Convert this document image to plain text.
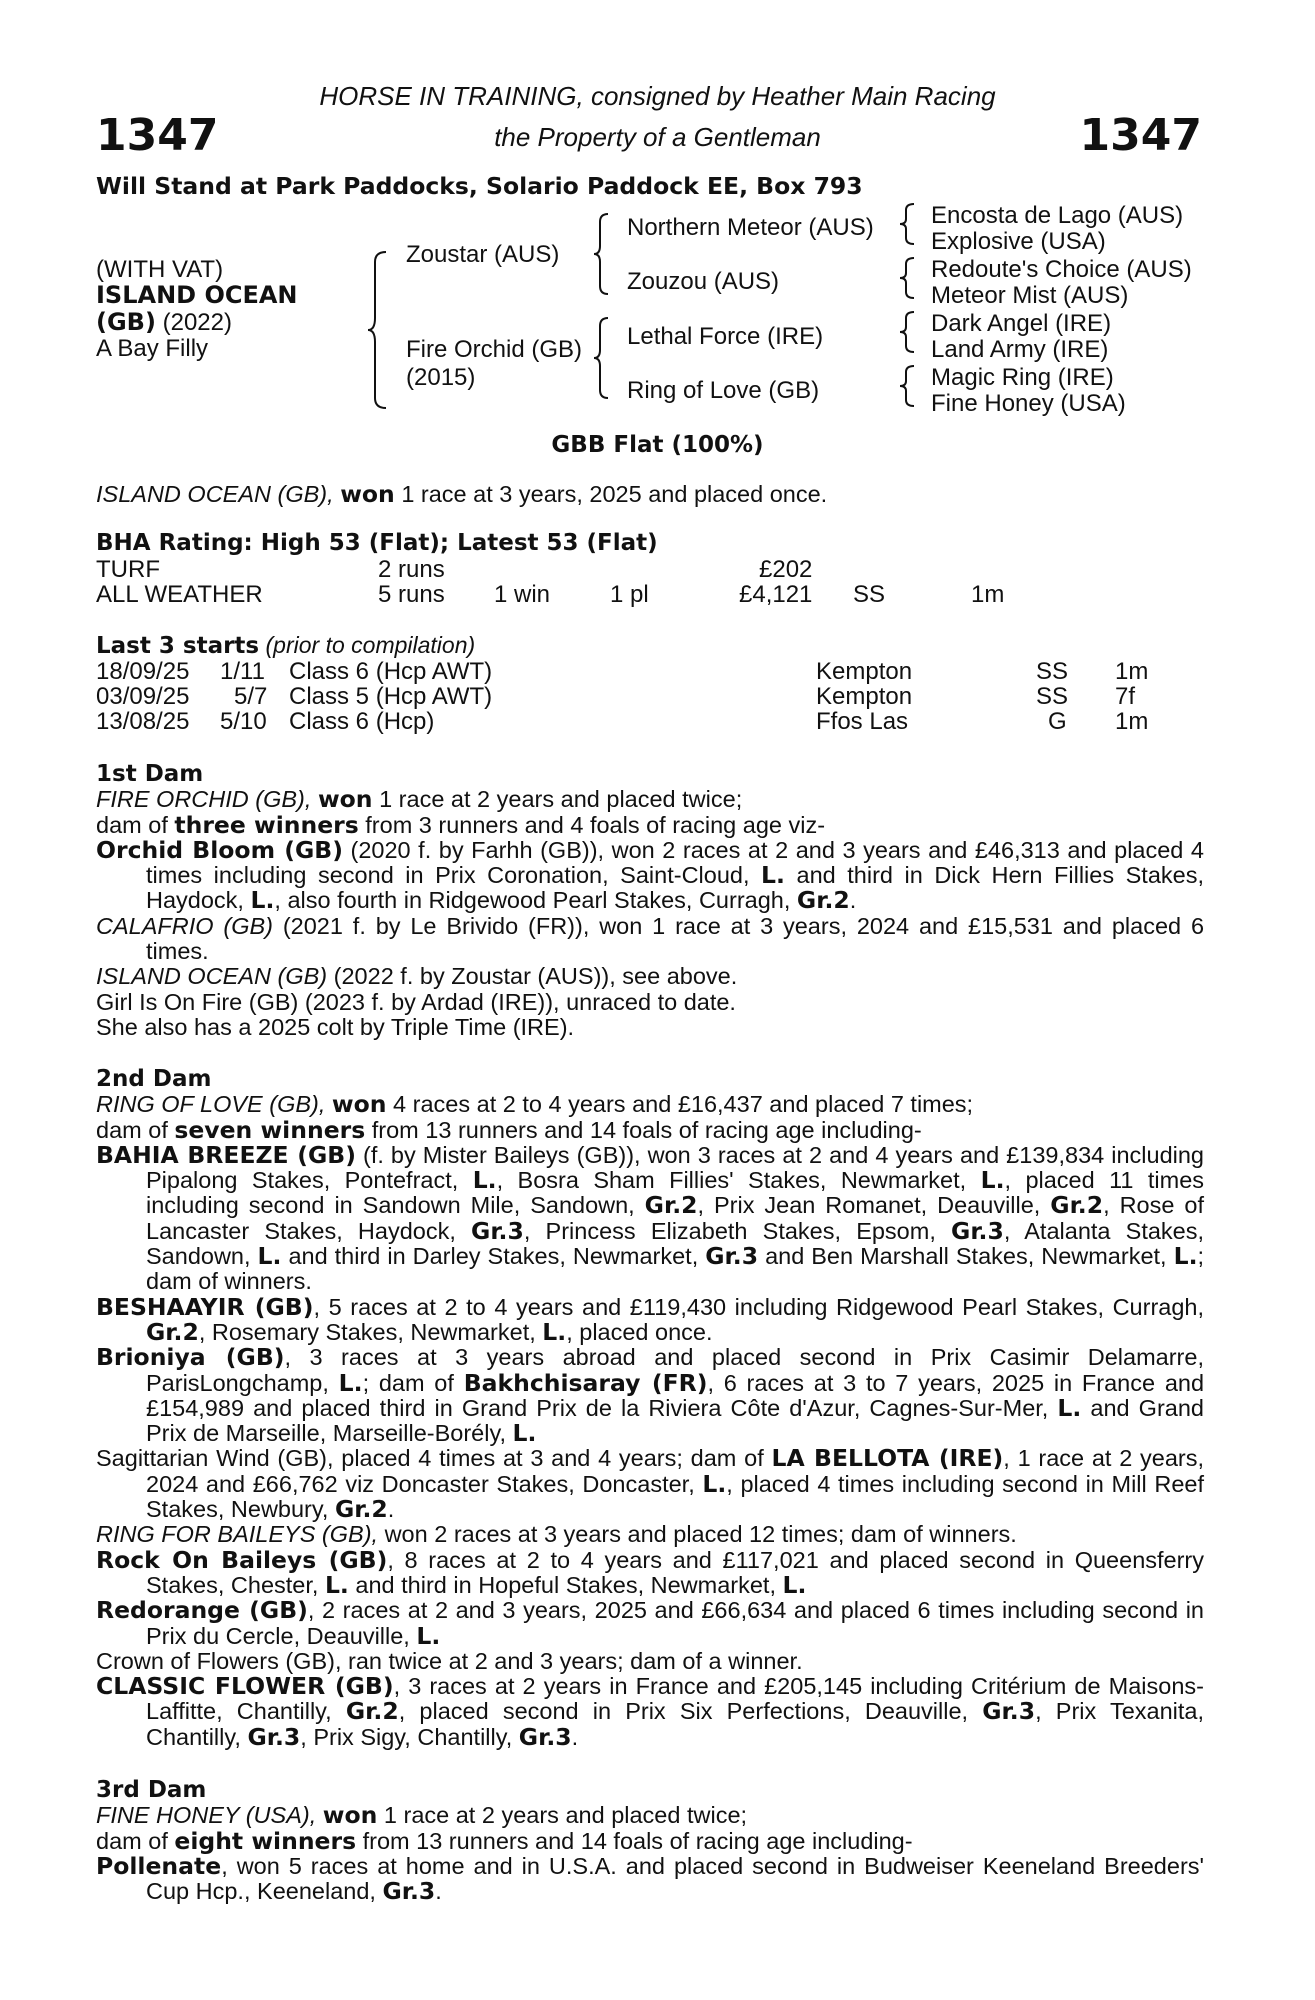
1347	1347
HORSE IN TRAINING, consigned by Heather Main Racing
the Property of a Gentleman
Will Stand at Park Paddocks, Solario Paddock EE, Box 793
(WITH VAT)
ISLAND OCEAN
(GB) (2022)
A Bay Filly
Zoustar (AUS)
Fire Orchid (GB)
(2015)
Northern Meteor (AUS)
Zouzou (AUS)
Lethal Force (IRE)
Ring of Love (GB)
Encosta de Lago (AUS)
Explosive (USA)
Redoute's Choice (AUS)
Meteor Mist (AUS)
Dark Angel (IRE)
Land Army (IRE)
Magic Ring (IRE)
Fine Honey (USA)
GBB Flat (100%)
ISLAND OCEAN (GB), won 1 race at 3 years, 2025 and placed once.
BHA Rating: High 53 (Flat); Latest 53 (Flat)
TURF	2 runs	£202
ALL WEATHER	5 runs 1 win 1 pl	£4,121 SS	1m
Last 3 starts (prior to compilation)
18/09/25 1/11 Class 6 (Hcp AWT)	Kempton	SS 1m
03/09/25 5/7 Class 5 (Hcp AWT)	Kempton	SS 7f
13/08/25 5/10 Class 6 (Hcp)	Ffos Las	G 1m

1st Dam

FIRE ORCHID (GB), won 1 race at 2 years and placed twice;

dam of three winners from 3 runners and 4 foals of racing age viz-

Orchid Bloom (GB) (2020 f. by Farhh (GB)), won 2 races at 2 and 3 years and £46,313 and placed 4 times including second in Prix Coronation, Saint-Cloud, L. and third in Dick Hern Fillies Stakes, Haydock, L., also fourth in Ridgewood Pearl Stakes, Curragh, Gr.2.

CALAFRIO (GB) (2021 f. by Le Brivido (FR)), won 1 race at 3 years, 2024 and £15,531 and placed 6 times.

ISLAND OCEAN (GB) (2022 f. by Zoustar (AUS)), see above.

Girl Is On Fire (GB) (2023 f. by Ardad (IRE)), unraced to date.

She also has a 2025 colt by Triple Time (IRE).

2nd Dam

RING OF LOVE (GB), won 4 races at 2 to 4 years and £16,437 and placed 7 times;

dam of seven winners from 13 runners and 14 foals of racing age including-

BAHIA BREEZE (GB) (f. by Mister Baileys (GB)), won 3 races at 2 and 4 years and £139,834 including Pipalong Stakes, Pontefract, L., Bosra Sham Fillies' Stakes, Newmarket, L., placed 11 times including second in Sandown Mile, Sandown, Gr.2, Prix Jean Romanet, Deauville, Gr.2, Rose of Lancaster Stakes, Haydock, Gr.3, Princess Elizabeth Stakes, Epsom, Gr.3, Atalanta Stakes, Sandown, L. and third in Darley Stakes, Newmarket, Gr.3 and Ben Marshall Stakes, Newmarket, L.; dam of winners.

BESHAAYIR (GB), 5 races at 2 to 4 years and £119,430 including Ridgewood Pearl Stakes, Curragh, Gr.2, Rosemary Stakes, Newmarket, L., placed once.

Brioniya (GB), 3 races at 3 years abroad and placed second in Prix Casimir Delamarre, ParisLongchamp, L.; dam of Bakhchisaray (FR), 6 races at 3 to 7 years, 2025 in France and £154,989 and placed third in Grand Prix de la Riviera Côte d'Azur, Cagnes-Sur-Mer, L. and Grand Prix de Marseille, Marseille-Borély, L.

Sagittarian Wind (GB), placed 4 times at 3 and 4 years; dam of LA BELLOTA (IRE), 1 race at 2 years, 2024 and £66,762 viz Doncaster Stakes, Doncaster, L., placed 4 times including second in Mill Reef Stakes, Newbury, Gr.2.

RING FOR BAILEYS (GB), won 2 races at 3 years and placed 12 times; dam of winners.

Rock On Baileys (GB), 8 races at 2 to 4 years and £117,021 and placed second in Queensferry Stakes, Chester, L. and third in Hopeful Stakes, Newmarket, L.

Redorange (GB), 2 races at 2 and 3 years, 2025 and £66,634 and placed 6 times including second in Prix du Cercle, Deauville, L.

Crown of Flowers (GB), ran twice at 2 and 3 years; dam of a winner.

CLASSIC FLOWER (GB), 3 races at 2 years in France and £205,145 including Critérium de Maisons-Laffitte, Chantilly, Gr.2, placed second in Prix Six Perfections, Deauville, Gr.3, Prix Texanita, Chantilly, Gr.3, Prix Sigy, Chantilly, Gr.3.

3rd Dam

FINE HONEY (USA), won 1 race at 2 years and placed twice;

dam of eight winners from 13 runners and 14 foals of racing age including-

Pollenate, won 5 races at home and in U.S.A. and placed second in Budweiser Keeneland Breeders' Cup Hcp., Keeneland, Gr.3.
